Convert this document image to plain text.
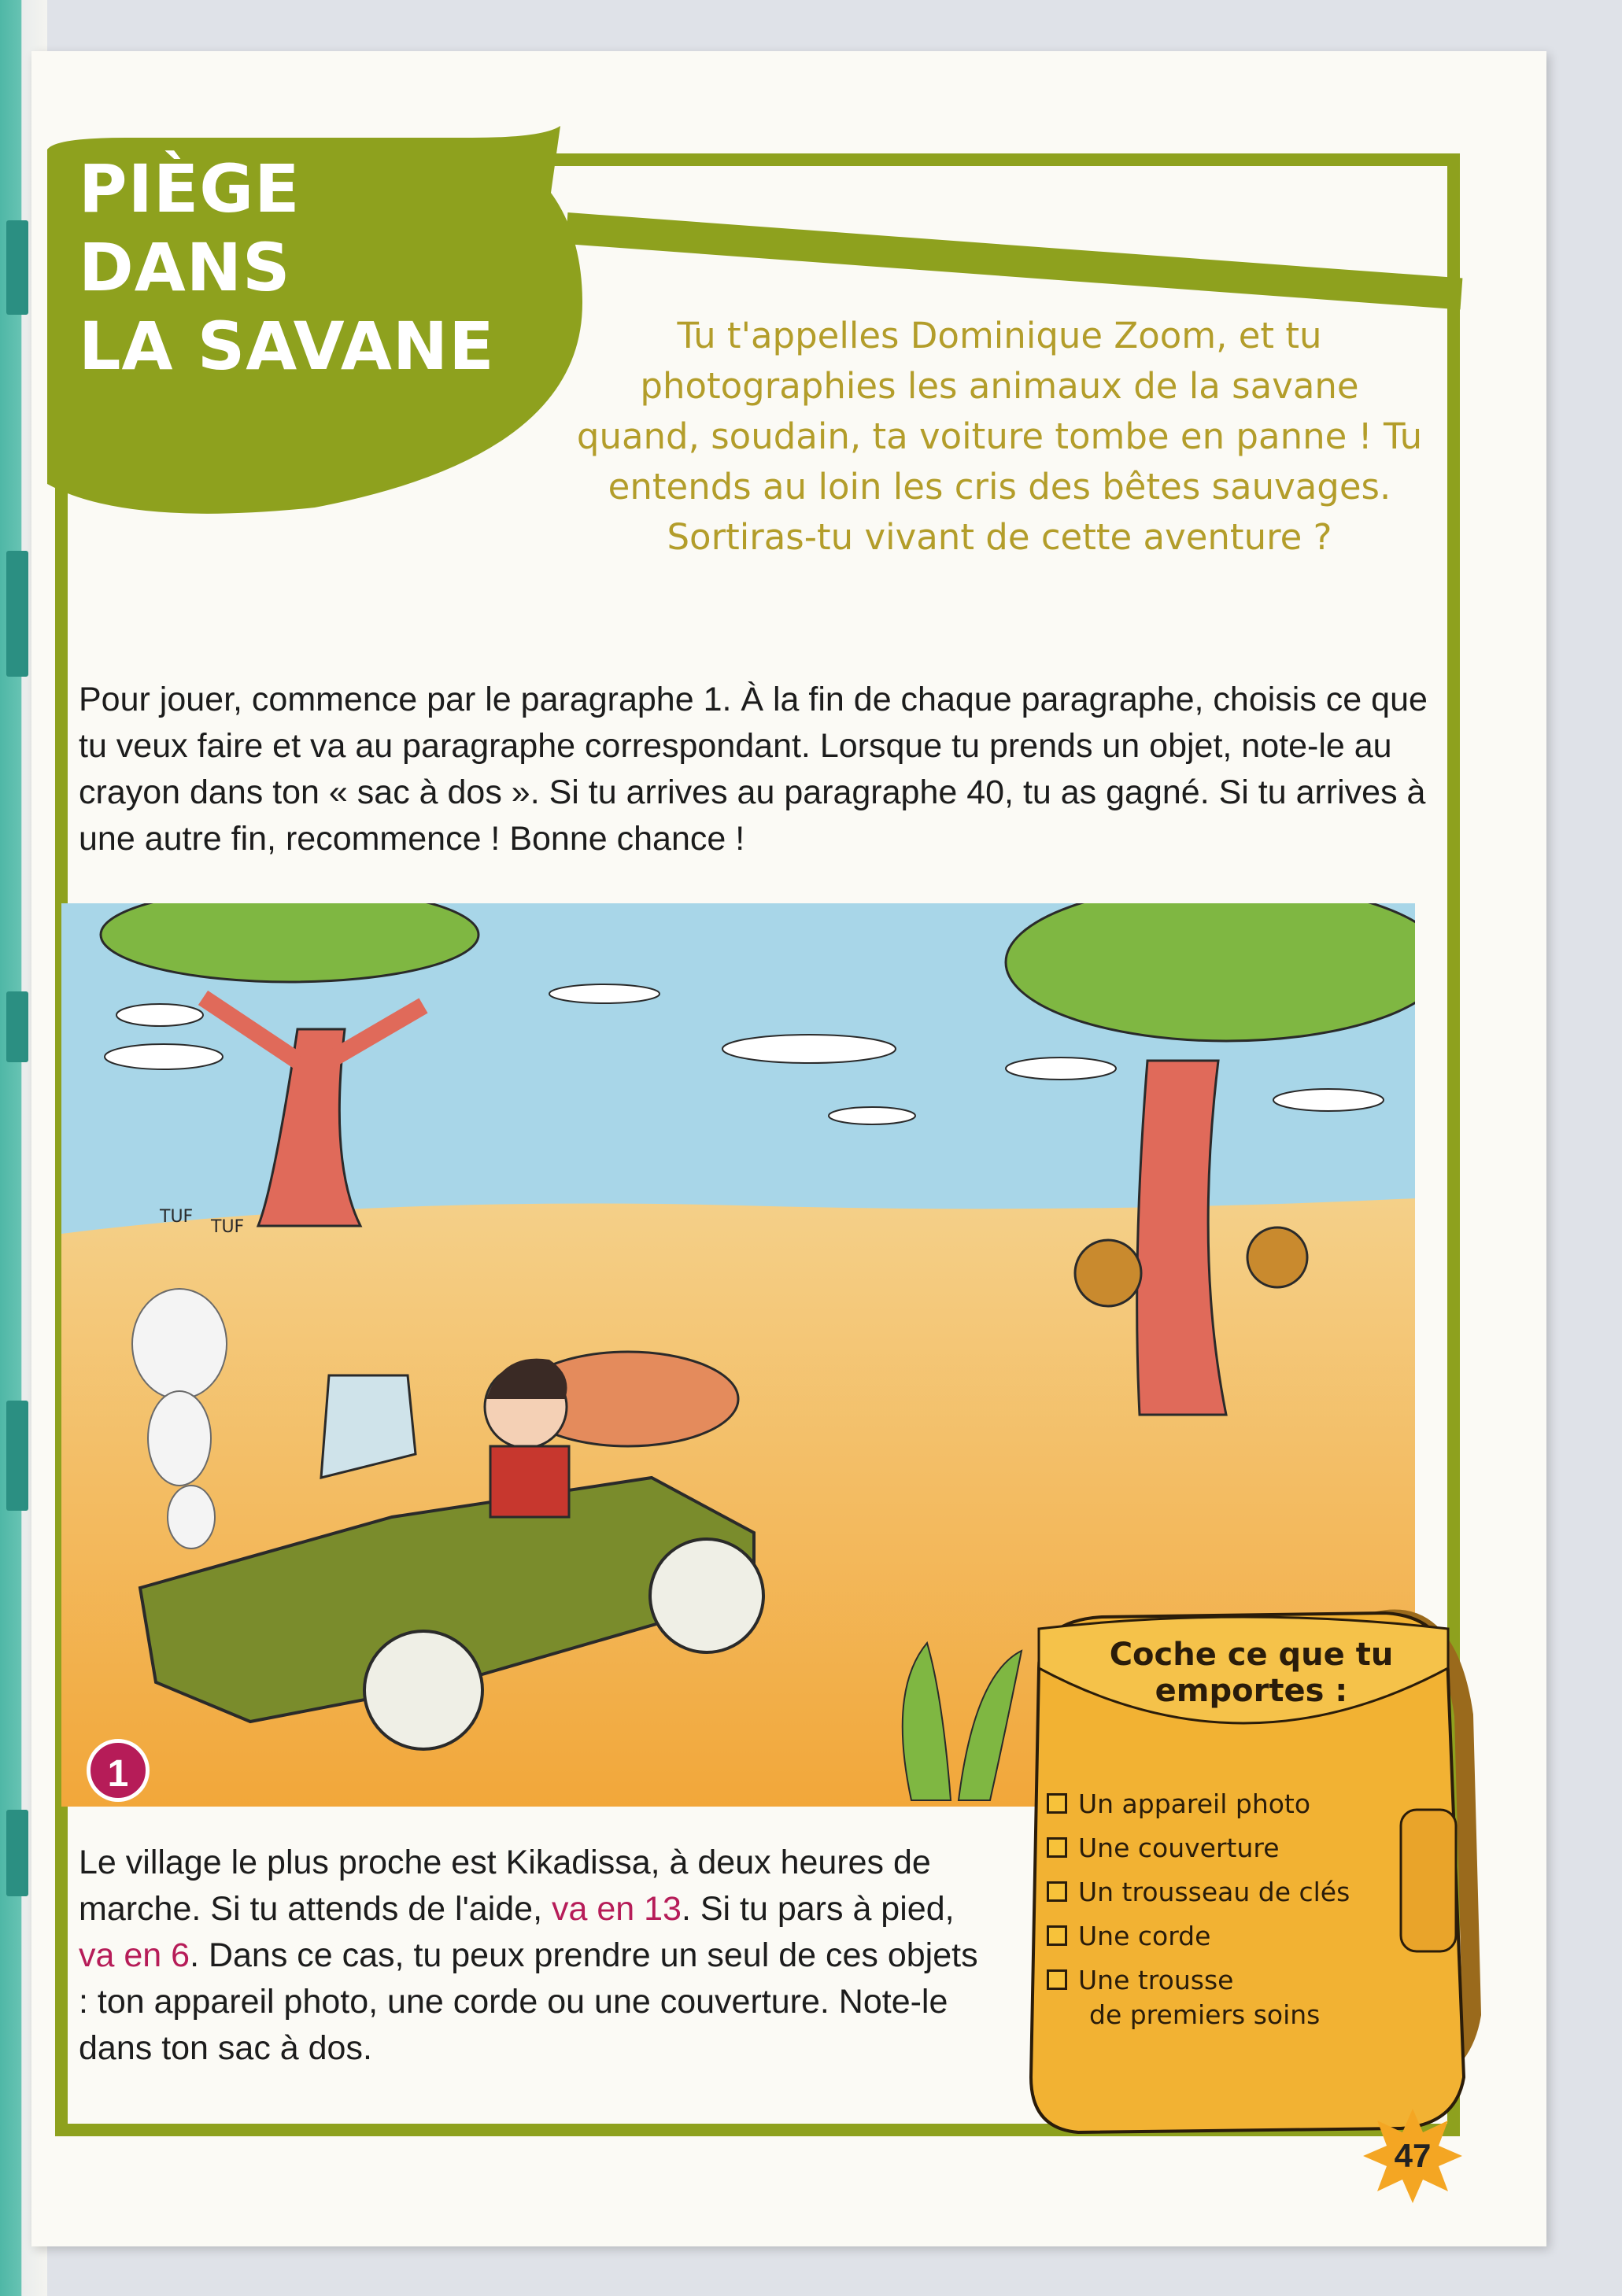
PIÈGE DANS
LA SAVANE	Tu t'appelles Dominique Zoom, et tu photographies les animaux de la savane quand, soudain, ta voiture tombe en panne ! Tu entends au loin les cris des bêtes sauvages. Sortiras-tu vivant de cette aventure ?

Pour jouer, commence par le paragraphe 1. À la fin de chaque paragraphe, choisis ce que tu veux faire et va au paragraphe correspondant. Lorsque tu prends un objet, note-le au crayon dans ton « sac à dos ». Si tu arrives au paragraphe 40, tu as gagné. Si tu arrives à une autre fin, recommence ! Bonne chance !

TUF
TUF
1

Le village le plus proche est Kikadissa, à deux heures de marche. Si tu attends de l'aide, va en 13. Si tu pars à pied, va en 6. Dans ce cas, tu peux prendre un seul de ces objets : ton appareil photo, une corde ou une couverture. Note-le dans ton sac à dos.

Coche ce que tu emportes :
Un appareil photo
Une couverture
Un trousseau de clés
Une corde
Une trousse
de premiers soins
47
